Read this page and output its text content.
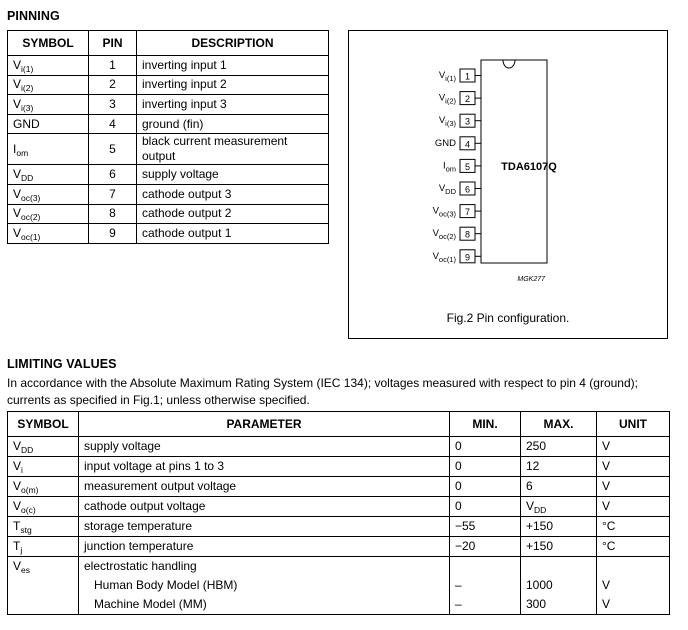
PINNING
SYMBOL	PIN	DESCRIPTION
$V_{i(1)}$	1	inverting input 1
$V_{i(2)}$	2	inverting input 2
$V_{i(3)}$	3	inverting input 3
GND	4	ground (fin)
$I_{om}$	5	black current measurement output
$V_{DD}$	6	supply voltage
$V_{oc(3)}$	7	cathode output 3
$V_{oc(2)}$	8	cathode output 2
$V_{oc(1)}$	9	cathode output 1
1
$V_{i(1)}$
2
$V_{i(2)}$
3
$V_{i(3)}$
4
GND
5
$I_{om}$
6
$V_{DD}$
7
$V_{oc(3)}$
8
$V_{oc(2)}$
9
$V_{oc(1)}$
TDA6107Q
MGK277
Fig.2 Pin configuration.
LIMITING VALUES
In accordance with the Absolute Maximum Rating System (IEC 134); voltages measured with respect to pin 4 (ground); currents as specified in Fig.1; unless otherwise specified.
SYMBOL	PARAMETER	MIN.	MAX.	UNIT
$V_{DD}$	supply voltage	0	250	V
$V_i$	input voltage at pins 1 to 3	0	12	V
$V_{o(m)}$	measurement output voltage	0	6	V
$V_{o(c)}$	cathode output voltage	0	$V_{DD}$	V
$T_{stg}$	storage temperature	−55	+150	°C
$T_j$	junction temperature	−20	+150	°C
$V_{es}$	electrostatic handling			
	Human Body Model (HBM)	–	1000	V
	Machine Model (MM)	–	300	V
